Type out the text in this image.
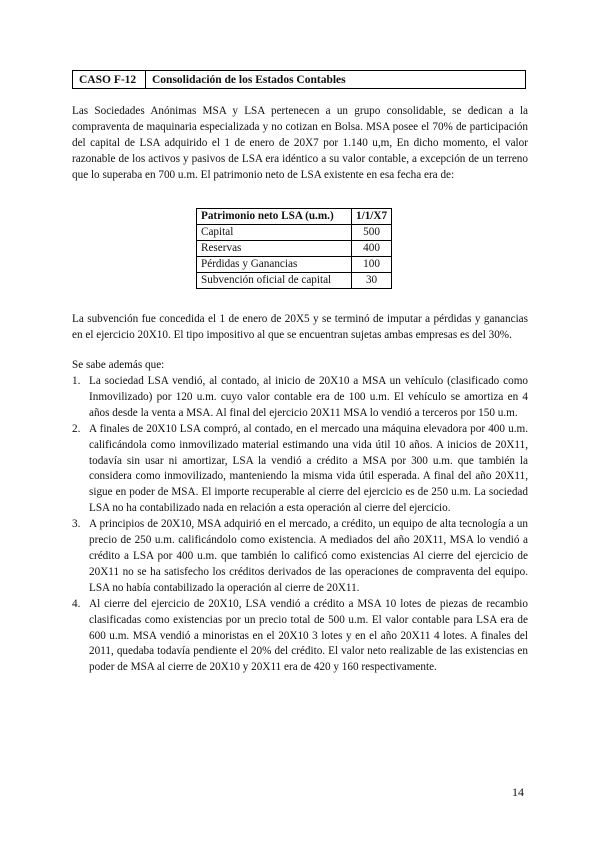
CASO F-12	Consolidación de los Estados Contables

Las Sociedades Anónimas MSA y LSA pertenecen a un grupo consolidable, se dedican a la compraventa de maquinaria especializada y no cotizan en Bolsa. MSA posee el 70% de participación del capital de LSA adquirido el 1 de enero de 20X7 por 1.140 u,m, En dicho momento, el valor razonable de los activos y pasivos de LSA era idéntico a su valor contable, a excepción de un terreno que lo superaba en 700 u.m. El patrimonio neto de LSA existente en esa fecha era de:

Patrimonio neto LSA (u.m.)	1/1/X7
Capital	500
Reservas	400
Pérdidas y Ganancias	100
Subvención oficial de capital	30

La subvención fue concedida el 1 de enero de 20X5 y se terminó de imputar a pérdidas y ganancias en el ejercicio 20X10. El tipo impositivo al que se encuentran sujetas ambas empresas es del 30%.

Se sabe además que:

1. La sociedad LSA vendió, al contado, al inicio de 20X10 a MSA un vehículo (clasificado como Inmovilizado) por 120 u.m. cuyo valor contable era de 100 u.m. El vehículo se amortiza en 4 años desde la venta a MSA. Al final del ejercicio 20X11 MSA lo vendió a terceros por 150 u.m.
2. A finales de 20X10 LSA compró, al contado, en el mercado una máquina elevadora por 400 u.m. calificándola como inmovilizado material estimando una vida útil 10 años. A inicios de 20X11, todavía sin usar ni amortizar, LSA la vendió a crédito a MSA por 300 u.m. que también la considera como inmovilizado, manteniendo la misma vida útil esperada. A final del año 20X11, sigue en poder de MSA. El importe recuperable al cierre del ejercicio es de 250 u.m. La sociedad LSA no ha contabilizado nada en relación a esta operación al cierre del ejercicio.
3. A principios de 20X10, MSA adquirió en el mercado, a crédito, un equipo de alta tecnología a un precio de 250 u.m. calificándolo como existencia. A mediados del año 20X11, MSA lo vendió a crédito a LSA por 400 u.m. que también lo calificó como existencias Al cierre del ejercicio de 20X11 no se ha satisfecho los créditos derivados de las operaciones de compraventa del equipo. LSA no había contabilizado la operación al cierre de 20X11.
4. Al cierre del ejercicio de 20X10, LSA vendió a crédito a MSA 10 lotes de piezas de recambio clasificadas como existencias por un precio total de 500 u.m. El valor contable para LSA era de 600 u.m. MSA vendió a minoristas en el 20X10 3 lotes y en el año 20X11 4 lotes. A finales del 2011, quedaba todavía pendiente el 20% del crédito. El valor neto realizable de las existencias en poder de MSA al cierre de 20X10 y 20X11 era de 420 y 160 respectivamente.
14
